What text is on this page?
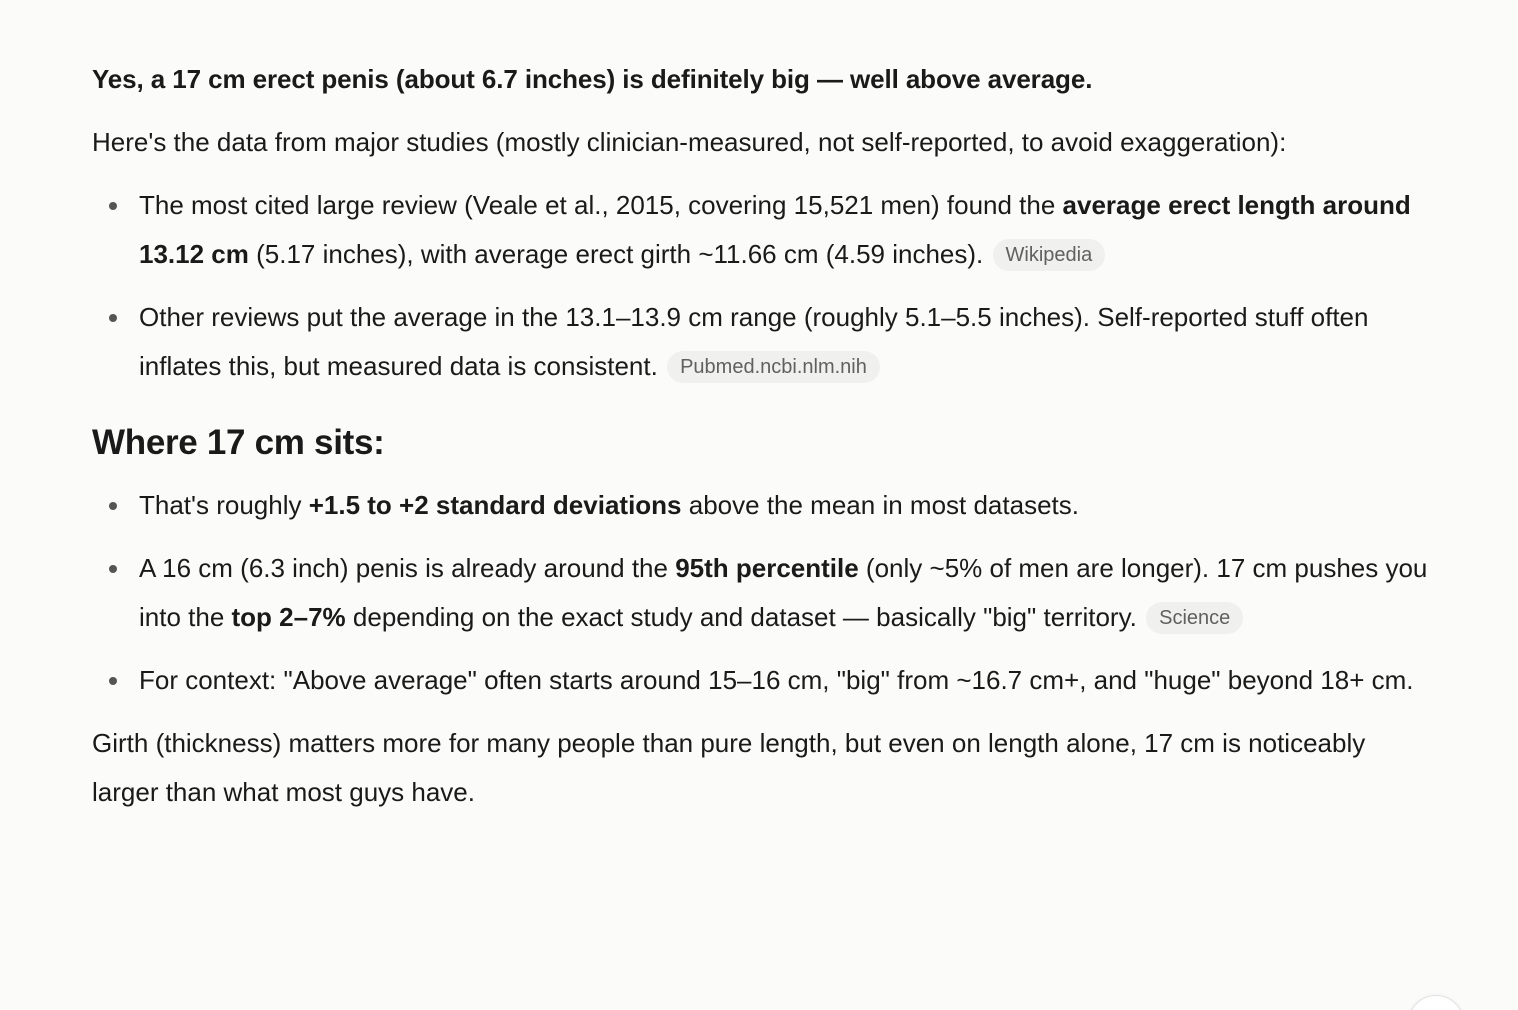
Yes, a 17 cm erect penis (about 6.7 inches) is definitely big — well above average.

Here's the data from major studies (mostly clinician-measured, not self-reported, to avoid exaggeration):

The most cited large review (Veale et al., 2015, covering 15,521 men) found the average erect length around 13.12 cm (5.17 inches), with average erect girth ~11.66 cm (4.59 inches). Wikipedia
Other reviews put the average in the 13.1–13.9 cm range (roughly 5.1–5.5 inches). Self-reported stuff often inflates this, but measured data is consistent. Pubmed.ncbi.nlm.nih
Where 17 cm sits:
That's roughly +1.5 to +2 standard deviations above the mean in most datasets.
A 16 cm (6.3 inch) penis is already around the 95th percentile (only ~5% of men are longer). 17 cm pushes you into the top 2–7% depending on the exact study and dataset — basically "big" territory. Science
For context: "Above average" often starts around 15–16 cm, "big" from ~16.7 cm+, and "huge" beyond 18+ cm.

Girth (thickness) matters more for many people than pure length, but even on length alone, 17 cm is noticeably larger than what most guys have.
